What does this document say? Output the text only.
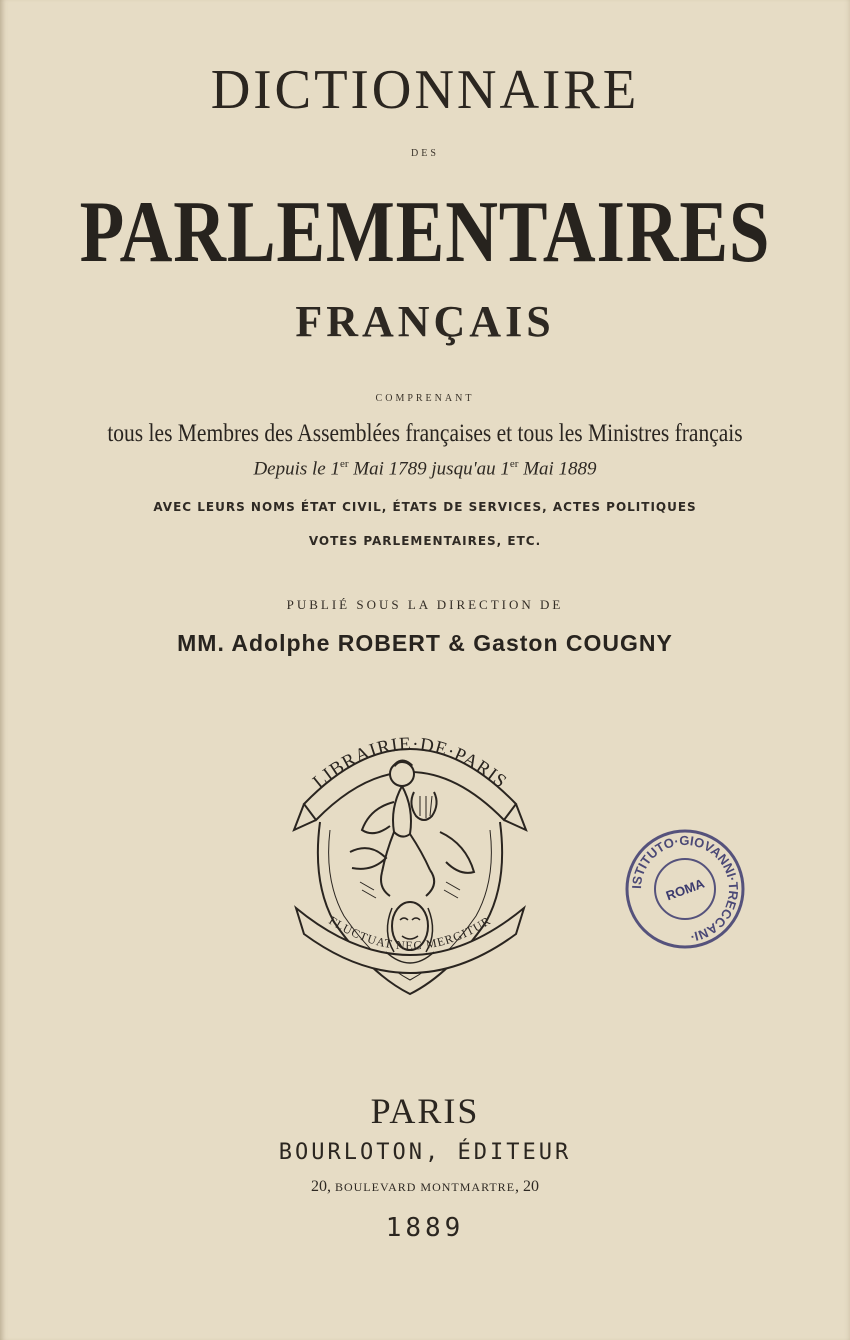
DICTIONNAIRE
DES
PARLEMENTAIRES
FRANÇAIS
COMPRENANT
tous les Membres des Assemblées françaises et tous les Ministres français
Depuis le 1er Mai 1789 jusqu'au 1er Mai 1889
AVEC LEURS NOMS ÉTAT CIVIL, ÉTATS DE SERVICES, ACTES POLITIQUES
VOTES PARLEMENTAIRES, ETC.
PUBLIÉ SOUS LA DIRECTION DE
MM. Adolphe ROBERT & Gaston COUGNY
LIBRAIRIE·DE·PARIS
FLUCTUAT NEC MERGITUR
ISTITUTO·GIOVANNI·TRECCANI·
ROMA
PARIS
BOURLOTON, ÉDITEUR
20, BOULEVARD MONTMARTRE, 20
1889
